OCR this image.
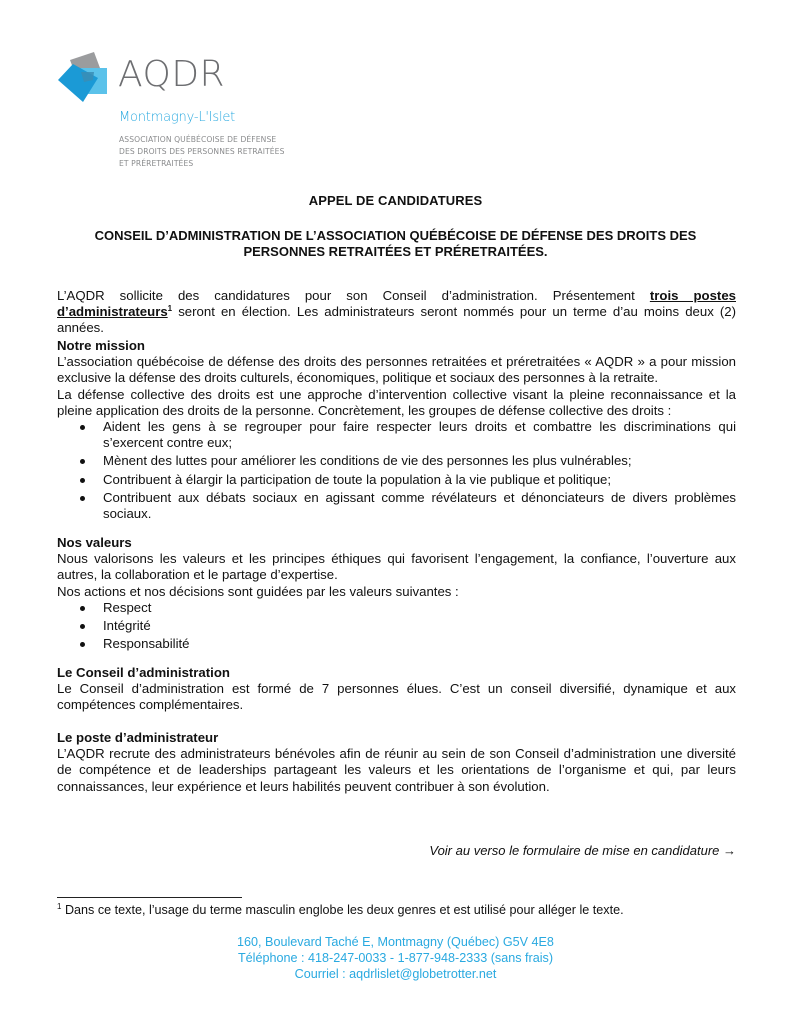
AQDR
Montmagny-L'Islet
ASSOCIATION QUÉBÉCOISE DE DÉFENSE
DES DROITS DES PERSONNES RETRAITÉES
ET PRÉRETRAITÉES
APPEL DE CANDIDATURES
CONSEIL D’ADMINISTRATION DE L’ASSOCIATION QUÉBÉCOISE DE DÉFENSE DES DROITS DES
PERSONNES RETRAITÉES ET PRÉRETRAITÉES.

L’AQDR sollicite des candidatures pour son Conseil d’administration. Présentement trois postes d’administrateurs$^1$ seront en élection. Les administrateurs seront nommés pour un terme d’au moins deux (2) années.

Notre mission

L’association québécoise de défense des droits des personnes retraitées et préretraitées « AQDR » a pour mission exclusive la défense des droits culturels, économiques, politique et sociaux des personnes à la retraite.

La défense collective des droits est une approche d’intervention collective visant la pleine reconnaissance et la pleine application des droits de la personne. Concrètement, les groupes de défense collective des droits :

Aident les gens à se regrouper pour faire respecter leurs droits et combattre les discriminations qui s’exercent contre eux;
Mènent des luttes pour améliorer les conditions de vie des personnes les plus vulnérables;
Contribuent à élargir la participation de toute la population à la vie publique et politique;
Contribuent aux débats sociaux en agissant comme révélateurs et dénonciateurs de divers problèmes sociaux.

Nos valeurs

Nous valorisons les valeurs et les principes éthiques qui favorisent l’engagement, la confiance, l’ouverture aux autres, la collaboration et le partage d’expertise.

Nos actions et nos décisions sont guidées par les valeurs suivantes :

Respect
Intégrité
Responsabilité

Le Conseil d’administration

Le Conseil d’administration est formé de 7 personnes élues. C’est un conseil diversifié, dynamique et aux compétences complémentaires.

Le poste d’administrateur

L’AQDR recrute des administrateurs bénévoles afin de réunir au sein de son Conseil d’administration une diversité de compétence et de leaderships partageant les valeurs et les orientations de l’organisme et qui, par leurs connaissances, leur expérience et leurs habilités peuvent contribuer à son évolution.

Voir au verso le formulaire de mise en candidature →
$^1$ Dans ce texte, l’usage du terme masculin englobe les deux genres et est utilisé pour alléger le texte.
160, Boulevard Taché E, Montmagny (Québec) G5V 4E8
Téléphone : 418-247-0033 - 1-877-948-2333 (sans frais)
Courriel : aqdrlislet@globetrotter.net
